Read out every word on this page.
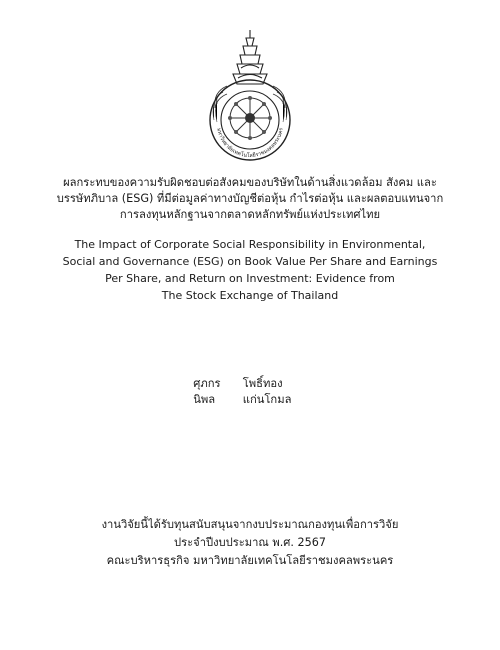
มหาวิทยาลัยเทคโนโลยีราชมงคลพระนคร
ผลกระทบของความรับผิดชอบต่อสังคมของบริษัทในด้านสิ่งแวดล้อม สังคม และ
บรรษัทภิบาล (ESG) ที่มีต่อมูลค่าทางบัญชีต่อหุ้น กำไรต่อหุ้น และผลตอบแทนจาก
การลงทุนหลักฐานจากตลาดหลักทรัพย์แห่งประเทศไทย
The Impact of Corporate Social Responsibility in Environmental,
Social and Governance (ESG) on Book Value Per Share and Earnings
Per Share, and Return on Investment: Evidence from
The Stock Exchange of Thailand
ศุภกร โพธิ์ทอง
นิพล แก่นโกมล
งานวิจัยนี้ได้รับทุนสนับสนุนจากงบประมาณกองทุนเพื่อการวิจัย
ประจำปีงบประมาณ พ.ศ. 2567
คณะบริหารธุรกิจ มหาวิทยาลัยเทคโนโลยีราชมงคลพระนคร
